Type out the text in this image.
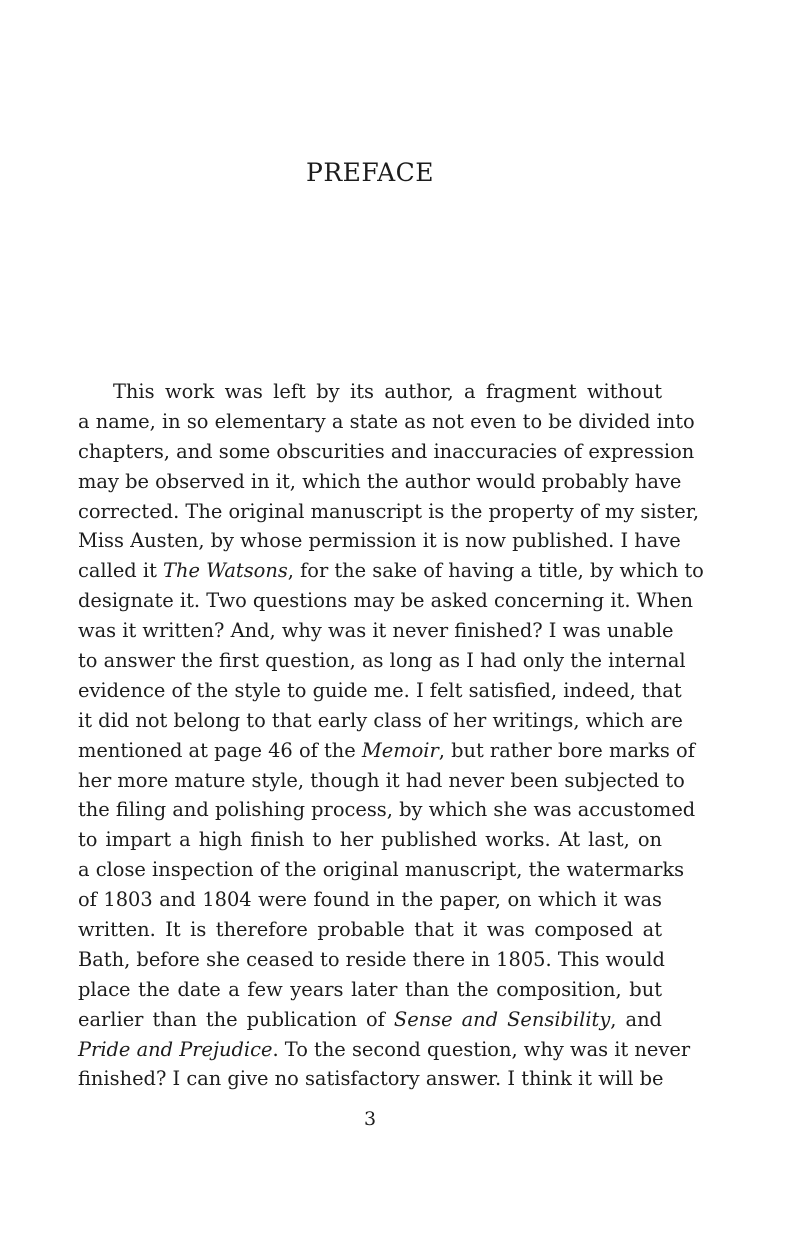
PREFACE
This work was left by its author, a fragment without
a name, in so elementary a state as not even to be divided into
chapters, and some obscurities and inaccuracies of expression
may be observed in it, which the author would probably have
corrected. The original manuscript is the property of my sister,
Miss Austen, by whose permission it is now published. I have
called it The Watsons, for the sake of having a title, by which to
designate it. Two questions may be asked concerning it. When
was it written? And, why was it never finished? I was unable
to answer the first question, as long as I had only the internal
evidence of the style to guide me. I felt satisfied, indeed, that
it did not belong to that early class of her writings, which are
mentioned at page 46 of the Memoir, but rather bore marks of
her more mature style, though it had never been subjected to
the filing and polishing process, by which she was accustomed
to impart a high finish to her published works. At last, on
a close inspection of the original manuscript, the watermarks
of 1803 and 1804 were found in the paper, on which it was
written. It is therefore probable that it was composed at
Bath, before she ceased to reside there in 1805. This would
place the date a few years later than the composition, but
earlier than the publication of Sense and Sensibility, and
Pride and Prejudice. To the second question, why was it never
finished? I can give no satisfactory answer. I think it will be
3
